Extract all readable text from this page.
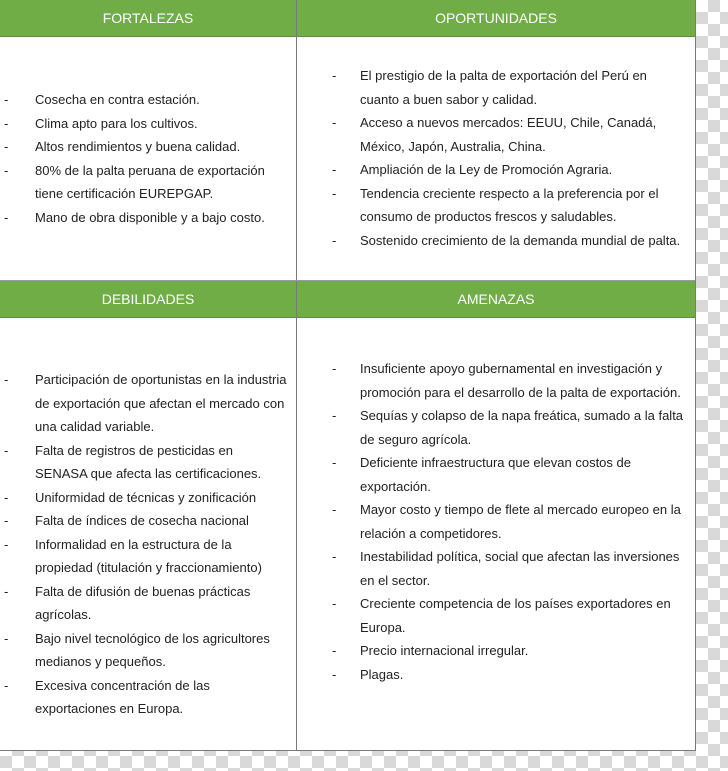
FORTALEZAS	OPORTUNIDADES
DEBILIDADES	AMENAZAS
- Cosecha en contra estación.
- Clima apto para los cultivos.
- Altos rendimientos y buena calidad.
- 80% de la palta peruana de exportación tiene certificación EUREPGAP.
- Mano de obra disponible y a bajo costo.
- El prestigio de la palta de exportación del Perú en cuanto a buen sabor y calidad.
- Acceso a nuevos mercados: EEUU, Chile, Canadá, México, Japón, Australia, China.
- Ampliación de la Ley de Promoción Agraria.
- Tendencia creciente respecto a la preferencia por el consumo de productos frescos y saludables.
- Sostenido crecimiento de la demanda mundial de palta.
- Participación de oportunistas en la industria de exportación que afectan el mercado con una calidad variable.
- Falta de registros de pesticidas en SENASA que afecta las certificaciones.
- Uniformidad de técnicas y zonificación
- Falta de índices de cosecha nacional
- Informalidad en la estructura de la propiedad (titulación y fraccionamiento)
- Falta de difusión de buenas prácticas agrícolas.
- Bajo nivel tecnológico de los agricultores medianos y pequeños.
- Excesiva concentración de las exportaciones en Europa.
- Insuficiente apoyo gubernamental en investigación y promoción para el desarrollo de la palta de exportación.
- Sequías y colapso de la napa freática, sumado a la falta de seguro agrícola.
- Deficiente infraestructura que elevan costos de exportación.
- Mayor costo y tiempo de flete al mercado europeo en la relación a competidores.
- Inestabilidad política, social que afectan las inversiones en el sector.
- Creciente competencia de los países exportadores en Europa.
- Precio internacional irregular.
- Plagas.
